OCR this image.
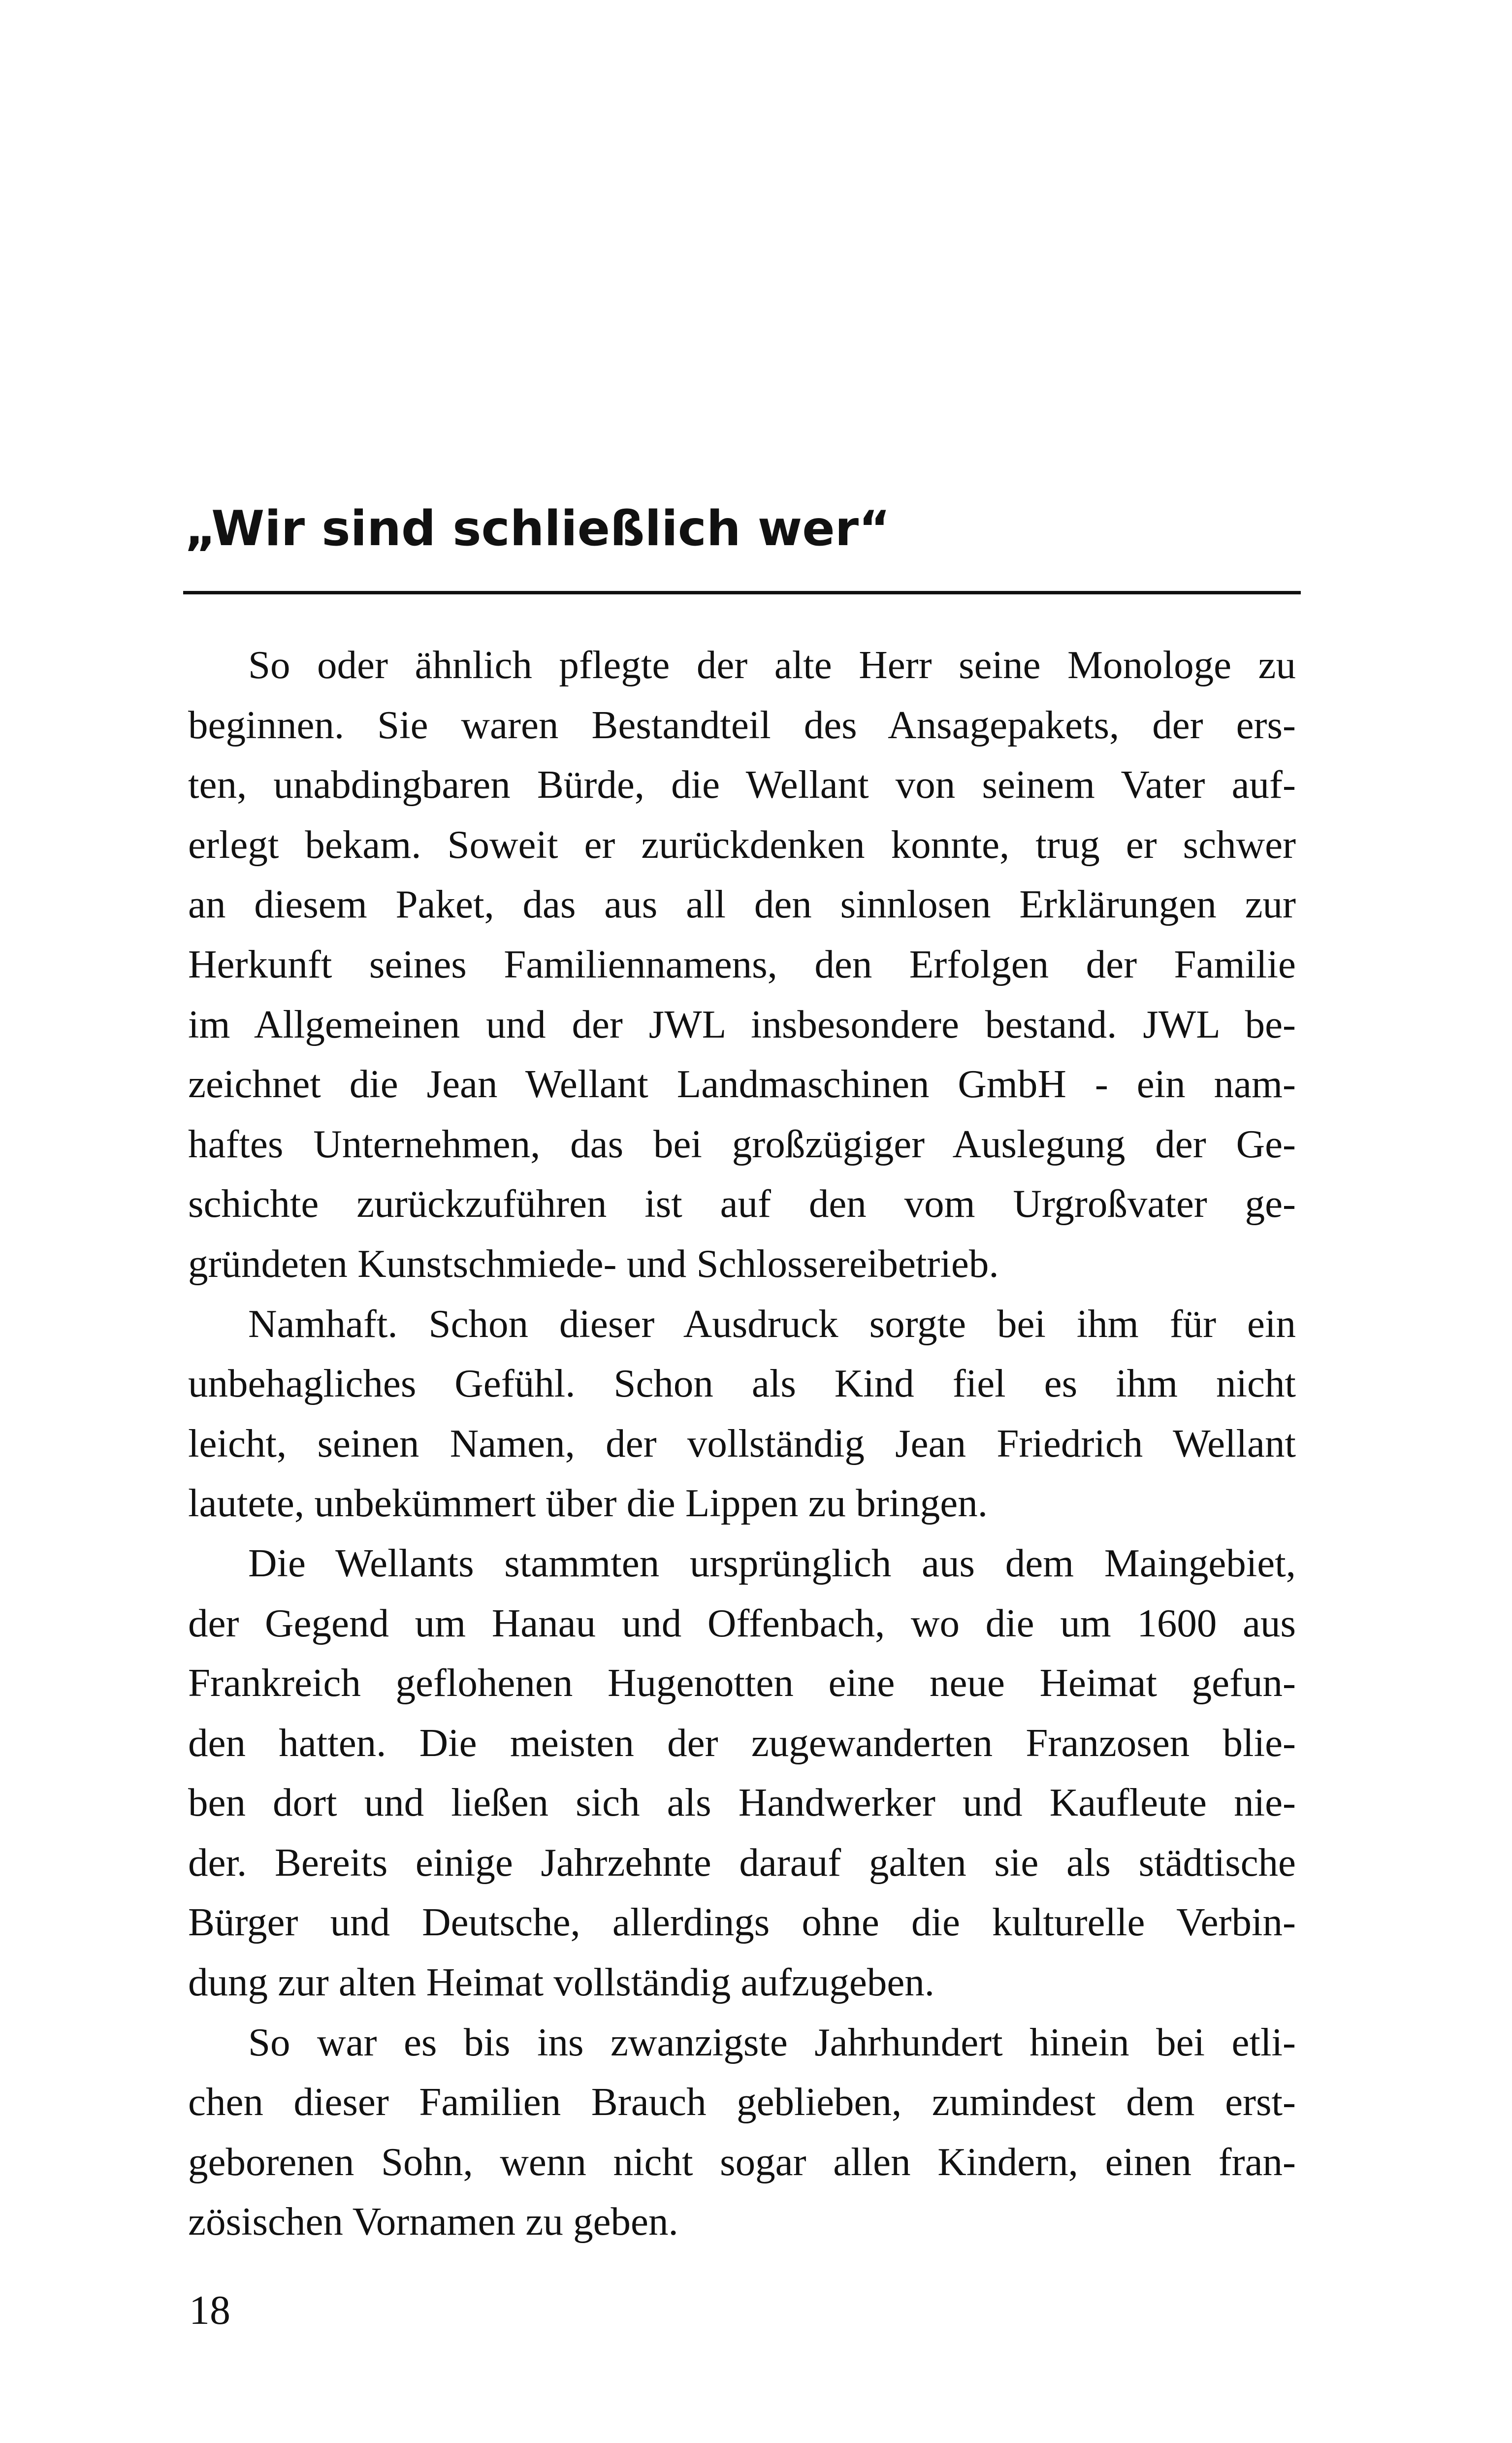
„Wir sind schließlich wer“
So oder ähnlich pflegte der alte Herr seine Monologe zu
beginnen. Sie waren Bestandteil des Ansagepakets, der ers-
ten, unabdingbaren Bürde, die Wellant von seinem Vater auf-
erlegt bekam. Soweit er zurückdenken konnte, trug er schwer
an diesem Paket, das aus all den sinnlosen Erklärungen zur
Herkunft seines Familiennamens, den Erfolgen der Familie
im Allgemeinen und der JWL insbesondere bestand. JWL be-
zeichnet die Jean Wellant Landmaschinen GmbH - ein nam-
haftes Unternehmen, das bei großzügiger Auslegung der Ge-
schichte zurückzuführen ist auf den vom Urgroßvater ge-
gründeten Kunstschmiede- und Schlossereibetrieb.
Namhaft. Schon dieser Ausdruck sorgte bei ihm für ein
unbehagliches Gefühl. Schon als Kind fiel es ihm nicht
leicht, seinen Namen, der vollständig Jean Friedrich Wellant
lautete, unbekümmert über die Lippen zu bringen.
Die Wellants stammten ursprünglich aus dem Maingebiet,
der Gegend um Hanau und Offenbach, wo die um 1600 aus
Frankreich geflohenen Hugenotten eine neue Heimat gefun-
den hatten. Die meisten der zugewanderten Franzosen blie-
ben dort und ließen sich als Handwerker und Kaufleute nie-
der. Bereits einige Jahrzehnte darauf galten sie als städtische
Bürger und Deutsche, allerdings ohne die kulturelle Verbin-
dung zur alten Heimat vollständig aufzugeben.
So war es bis ins zwanzigste Jahrhundert hinein bei etli-
chen dieser Familien Brauch geblieben, zumindest dem erst-
geborenen Sohn, wenn nicht sogar allen Kindern, einen fran-
zösischen Vornamen zu geben.
18
